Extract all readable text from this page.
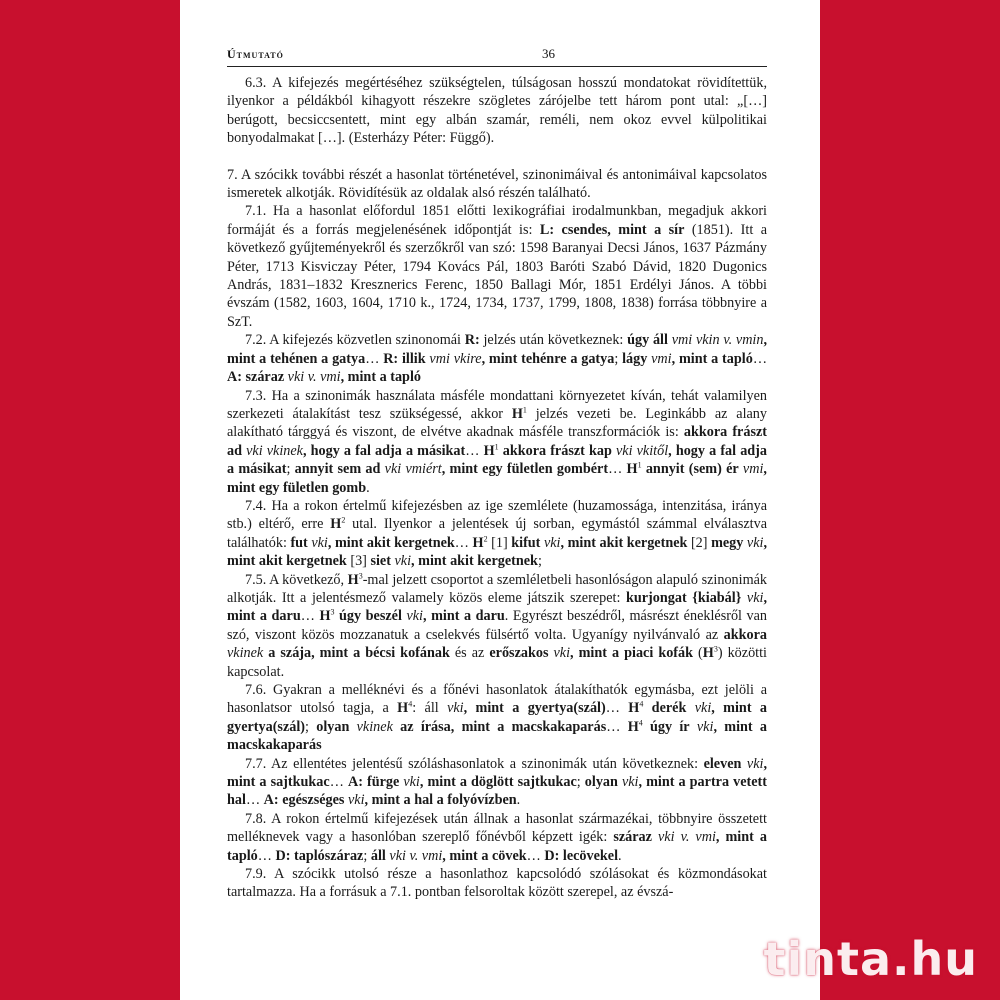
Útmutató	36

6.3. A kifejezés megértéséhez szükségtelen, túlságosan hosszú mondatokat rövidítettük, ilyenkor a példákból kihagyott részekre szögletes zárójelbe tett három pont utal: „[…] berúgott, becsiccsentett, mint egy albán szamár, reméli, nem okoz evvel külpolitikai bonyodalmakat […]. (Esterházy Péter: Függő).

7. A szócikk további részét a hasonlat történetével, szinonimáival és antonimáival kapcsolatos ismeretek alkotják. Rövidítésük az oldalak alsó részén található.

7.1. Ha a hasonlat előfordul 1851 előtti lexikográfiai irodalmunkban, megadjuk akkori formáját és a forrás megjelenésének időpontját is: L: csendes, mint a sír (1851). Itt a következő gyűjteményekről és szerzőkről van szó: 1598 Baranyai Decsi János, 1637 Pázmány Péter, 1713 Kisviczay Péter, 1794 Kovács Pál, 1803 Baróti Szabó Dávid, 1820 Dugonics András, 1831–1832 Kresznerics Ferenc, 1850 Ballagi Mór, 1851 Erdélyi János. A többi évszám (1582, 1603, 1604, 1710 k., 1724, 1734, 1737, 1799, 1808, 1838) forrása többnyire a SzT.

7.2. A kifejezés közvetlen szinonomái R: jelzés után következnek: úgy áll vmi vkin v. vmin, mint a tehénen a gatya… R: illik vmi vkire, mint tehénre a gatya; lágy vmi, mint a tapló… A: száraz vki v. vmi, mint a tapló

7.3. Ha a szinonimák használata másféle mondattani környezetet kíván, tehát valamilyen szerkezeti átalakítást tesz szükségessé, akkor $H^1$ jelzés vezeti be. Leginkább az alany alakítható tárggyá és viszont, de elvétve akadnak másféle transzformációk is: akkora frászt ad vki vkinek, hogy a fal adja a másikat… $H^1$ akkora frászt kap vki vkitől, hogy a fal adja a másikat; annyit sem ad vki vmiért, mint egy fületlen gombért… $H^1$ annyit (sem) ér vmi, mint egy fületlen gomb.

7.4. Ha a rokon értelmű kifejezésben az ige szemlélete (huzamossága, intenzitása, iránya stb.) eltérő, erre $H^2$ utal. Ilyenkor a jelentések új sorban, egymástól számmal elválasztva találhatók: fut vki, mint akit kergetnek… $H^2$ [1] kifut vki, mint akit kergetnek [2] megy vki, mint akit kergetnek [3] siet vki, mint akit kergetnek;

7.5. A következő, $H^3$-mal jelzett csoportot a szemléletbeli hasonlóságon alapuló szinonimák alkotják. Itt a jelentésmező valamely közös eleme játszik szerepet: kurjongat {kiabál} vki, mint a daru… $H^3$ úgy beszél vki, mint a daru. Egyrészt beszédről, másrészt éneklésről van szó, viszont közös mozzanatuk a cselekvés fülsértő volta. Ugyanígy nyilvánvaló az akkora vkinek a szája, mint a bécsi kofának és az erőszakos vki, mint a piaci kofák $(H^3)$ közötti kapcsolat.

7.6. Gyakran a melléknévi és a főnévi hasonlatok átalakíthatók egymásba, ezt jelöli a hasonlatsor utolsó tagja, a $H^4$: áll vki, mint a gyertya(szál)… $H^4$ derék vki, mint a gyertya(szál); olyan vkinek az írása, mint a macskakaparás… $H^4$ úgy ír vki, mint a macskakaparás

7.7. Az ellentétes jelentésű szóláshasonlatok a szinonimák után következnek: eleven vki, mint a sajtkukac… A: fürge vki, mint a döglött sajtkukac; olyan vki, mint a partra vetett hal… A: egészséges vki, mint a hal a folyóvízben.

7.8. A rokon értelmű kifejezések után állnak a hasonlat származékai, többnyire összetett melléknevek vagy a hasonlóban szereplő főnévből képzett igék: száraz vki v. vmi, mint a tapló… D: taplószáraz; áll vki v. vmi, mint a cövek… D: lecövekel.

7.9. A szócikk utolsó része a hasonlathoz kapcsolódó szólásokat és közmondásokat tartalmazza. Ha a forrásuk a 7.1. pontban felsoroltak között szerepel, az évszá-

tinta.hu
